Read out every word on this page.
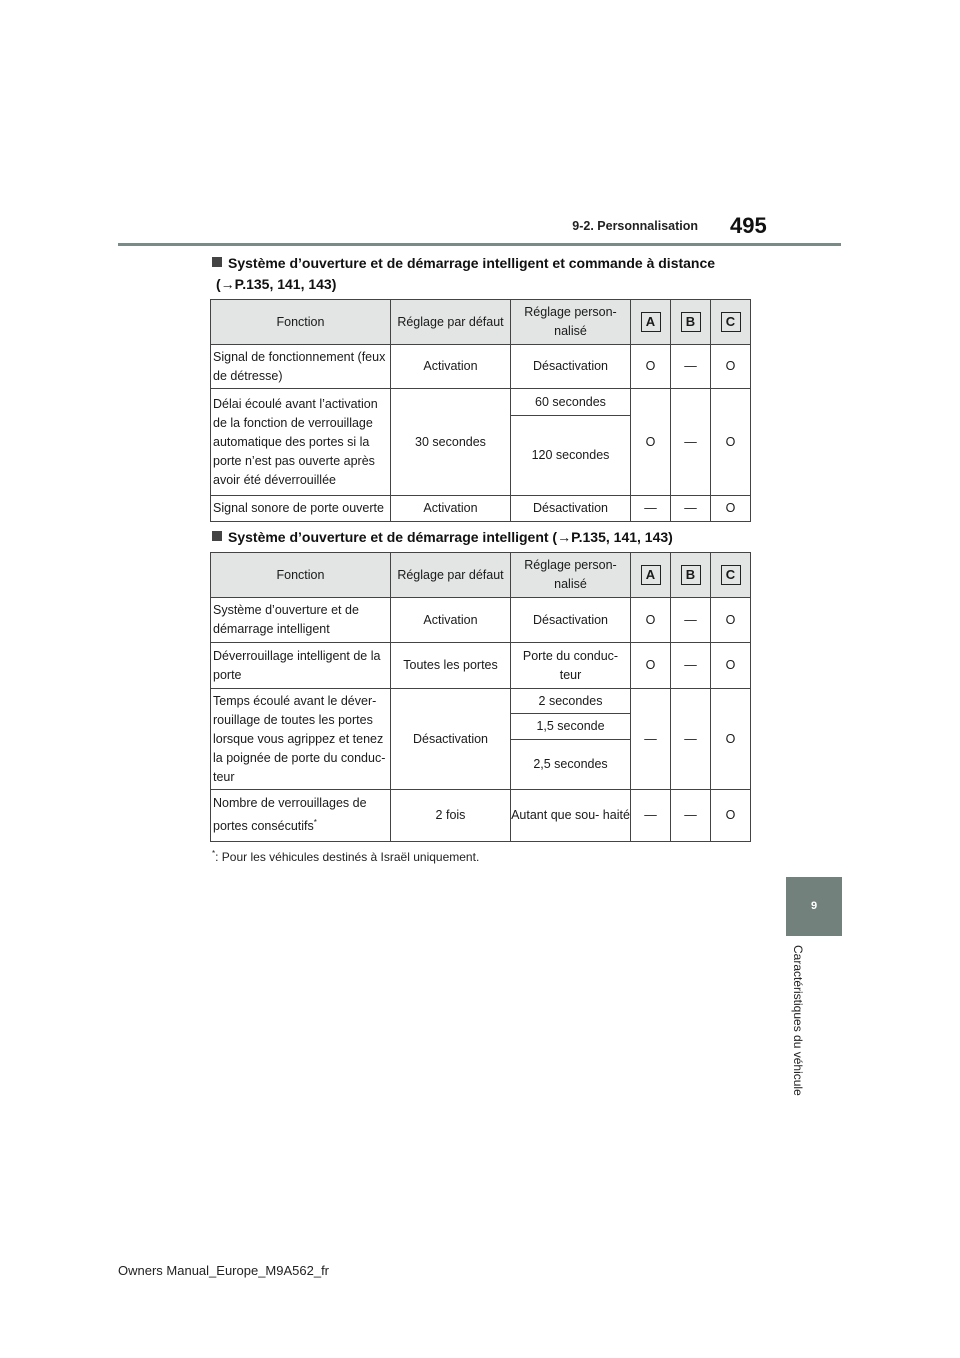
9-2. Personnalisation 495
Système d’ouverture et de démarrage intelligent et commande à distance
(→P.135, 141, 143)
Fonction	Réglage par défaut	Réglage person- nalisé	A	B	C
Signal de fonctionnement (feux de détresse)	Activation	Désactivation	O	—	O
Délai écoulé avant l’activation de la fonction de verrouillage automatique des portes si la porte n’est pas ouverte après avoir été déverrouillée	30 secondes	60 secondes	O	—	O
		120 secondes			
Signal sonore de porte ouverte	Activation	Désactivation	—	—	O
Système d’ouverture et de démarrage intelligent (→P.135, 141, 143)
Fonction	Réglage par défaut	Réglage person- nalisé	A	B	C
Système d’ouverture et de démarrage intelligent	Activation	Désactivation	O	—	O
Déverrouillage intelligent de la porte	Toutes les portes	Porte du conduc- teur	O	—	O
Temps écoulé avant le déver- rouillage de toutes les portes lorsque vous agrippez et tenez la poignée de porte du conduc- teur	Désactivation	2 secondes	—	—	O
		1,5 seconde			
		2,5 secondes			
Nombre de verrouillages de portes consécutifs*	2 fois	Autant que sou- haité	—	—	O
*: Pour les véhicules destinés à Israël uniquement.
9
Caractéristiques du véhicule
Owners Manual_Europe_M9A562_fr
